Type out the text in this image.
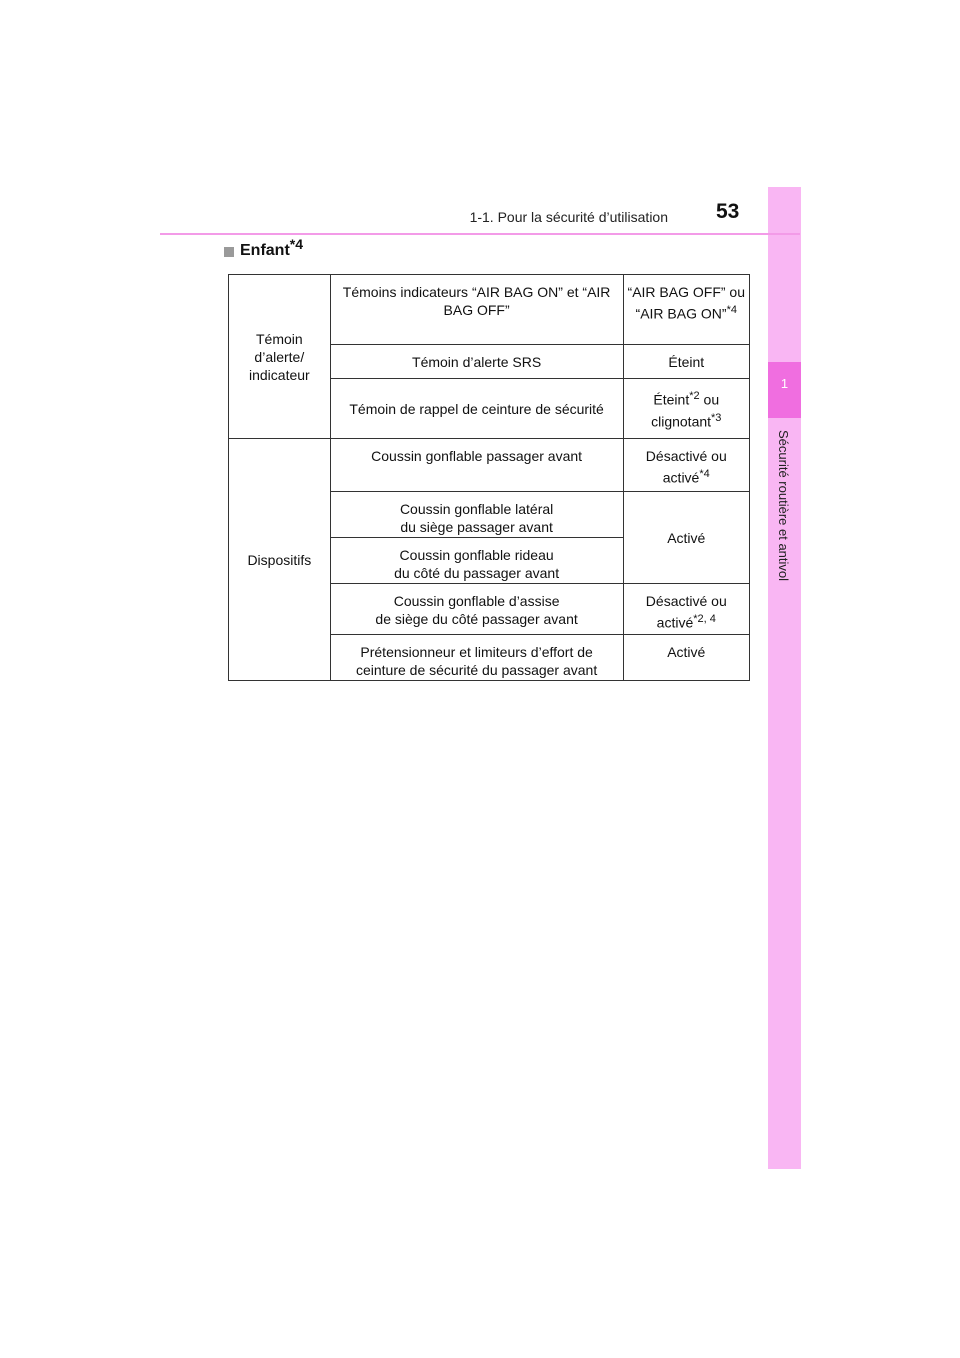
1
Sécurité routière et antivol
1-1. Pour la sécurité d’utilisation 53
Enfant *4
Témoin d’alerte/ indicateur	Témoins indicateurs “AIR BAG ON” et “AIR BAG OFF”	“AIR BAG OFF” ou “AIR BAG ON”$^{*4}$
	Témoin d’alerte SRS	Éteint
	Témoin de rappel de ceinture de sécurité	Éteint$^{*2}$ ou
clignotant$^{*3}$
Dispositifs	Coussin gonflable passager avant	Désactivé ou
activé$^{*4}$
	Coussin gonflable latéral
du siège passager avant	Activé
	Coussin gonflable rideau
du côté du passager avant	
	Coussin gonflable d’assise
de siège du côté passager avant	Désactivé ou
activé$^{*2, 4}$
	Prétensionneur et limiteurs d’effort de
ceinture de sécurité du passager avant	Activé
